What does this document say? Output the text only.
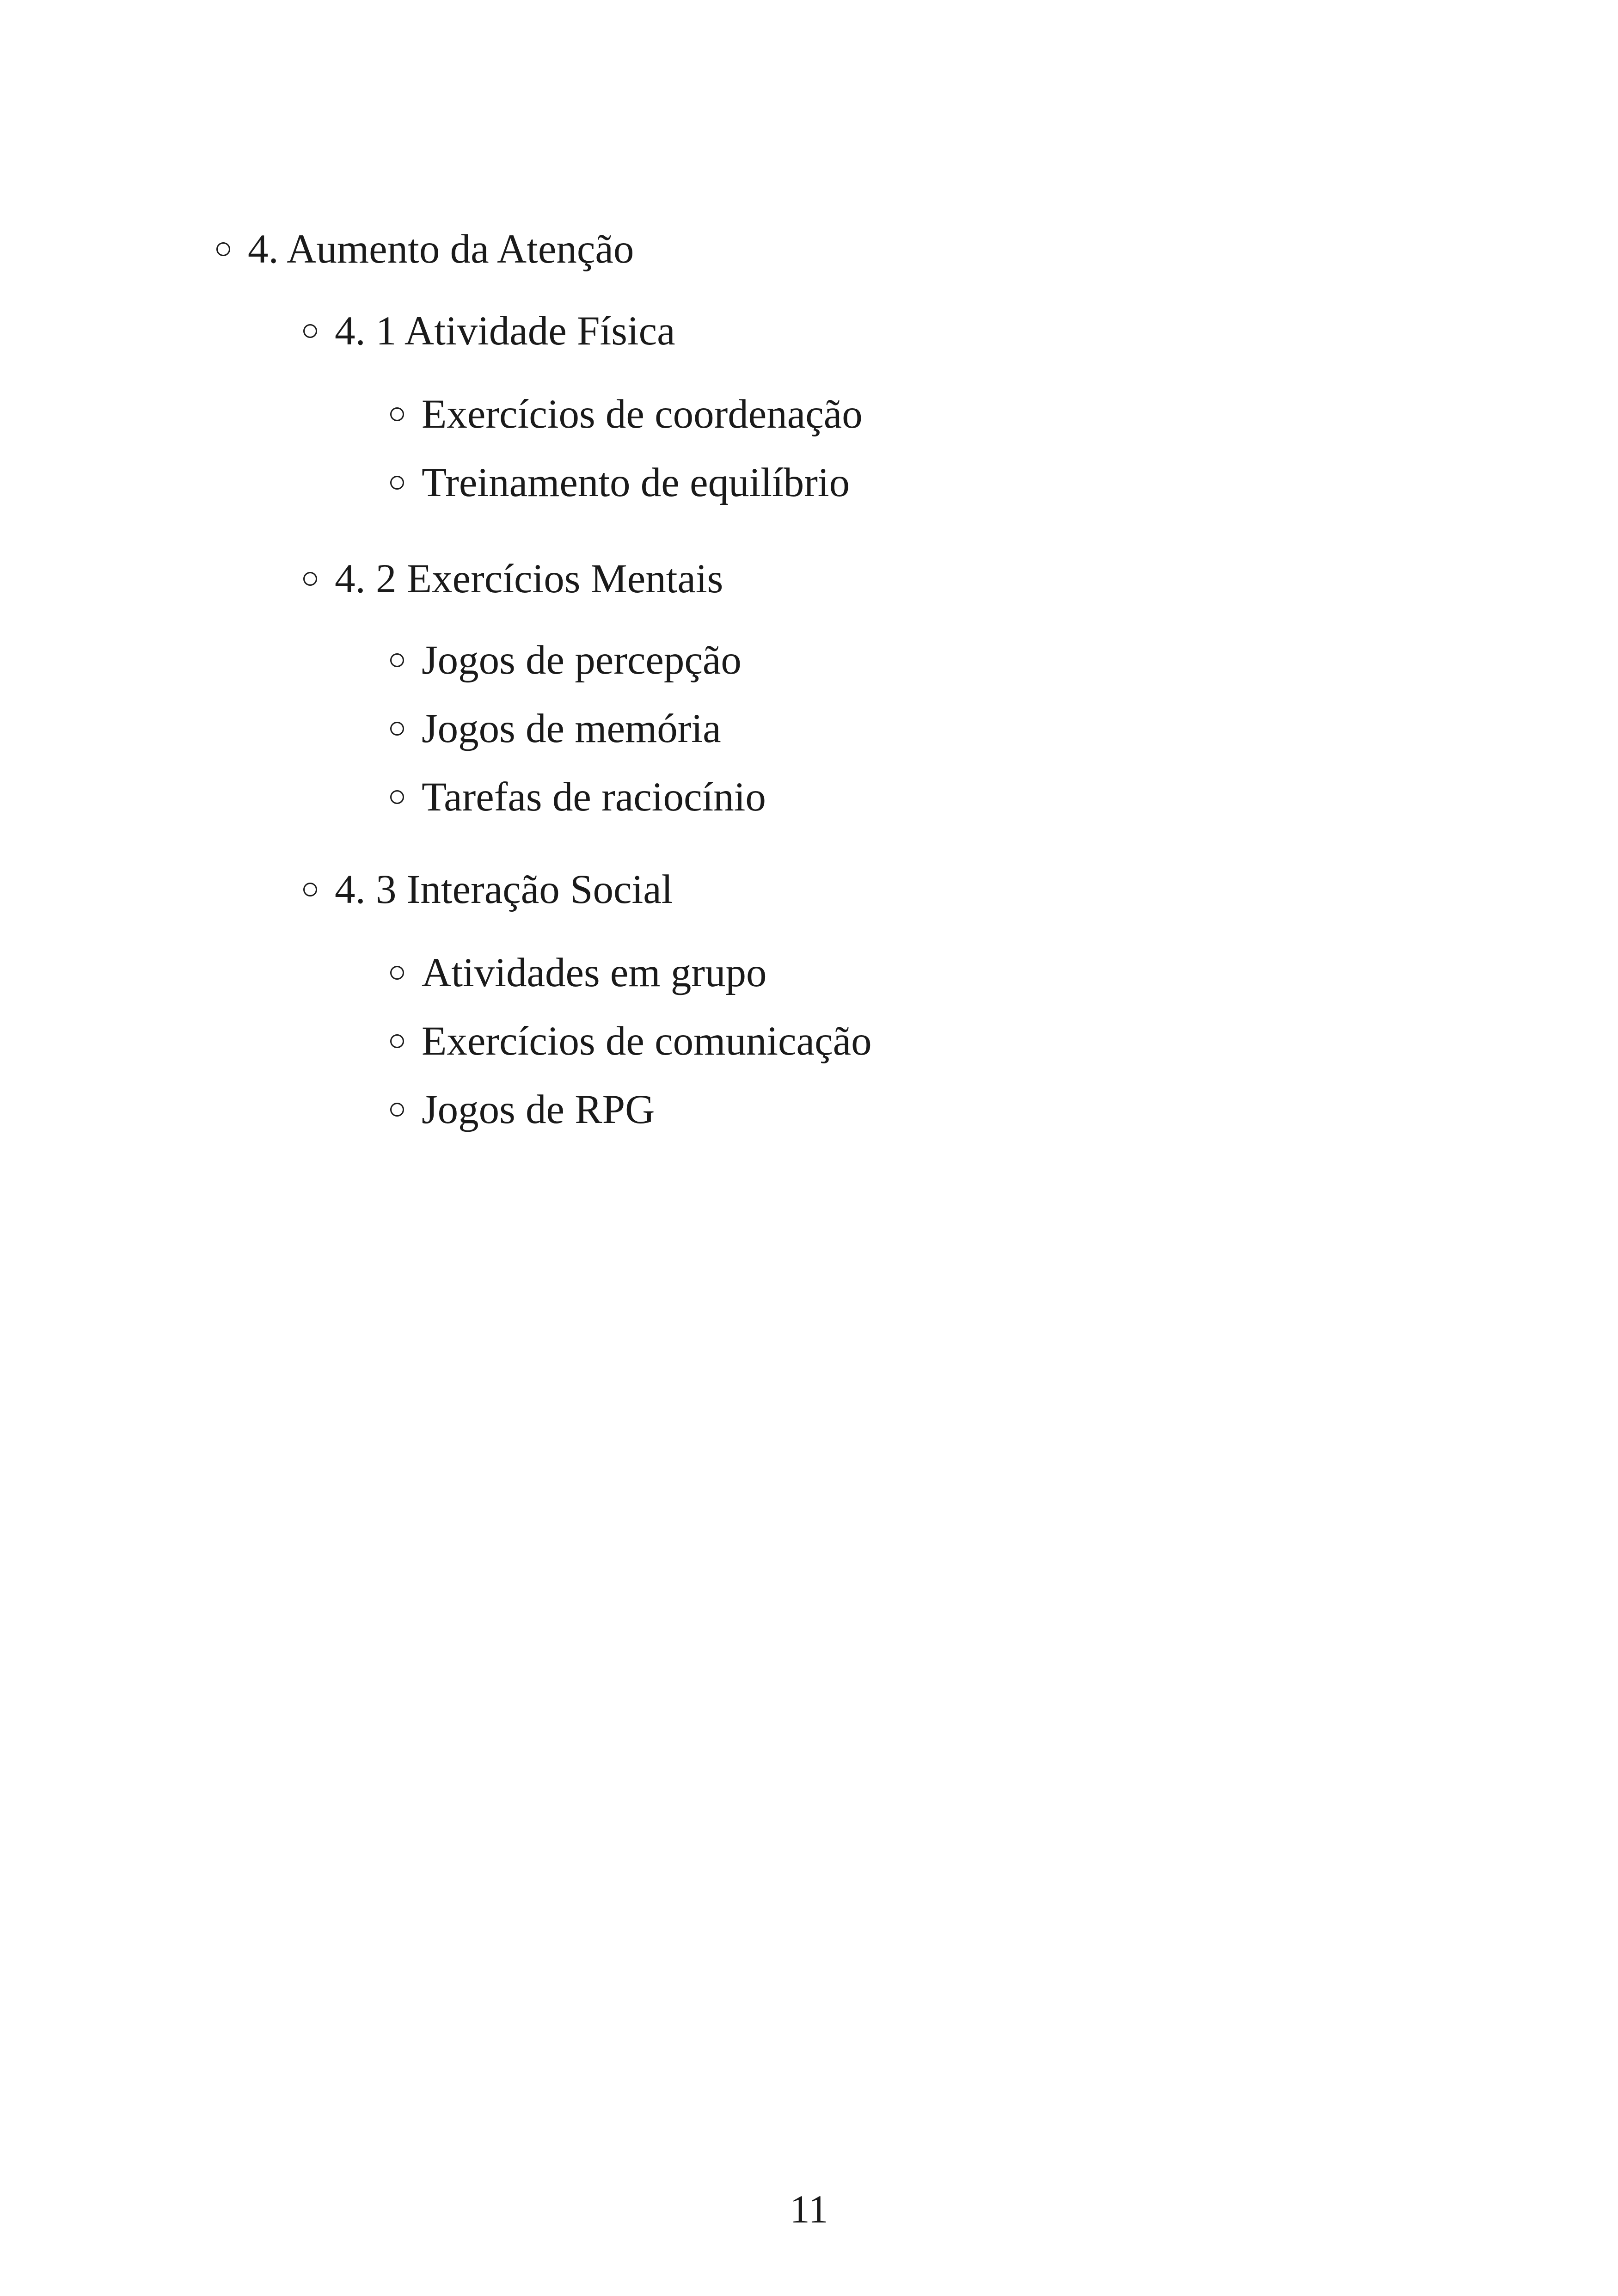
4. Aumento da Atenção
4. 1 Atividade Física
Exercícios de coordenação
Treinamento de equilíbrio
4. 2 Exercícios Mentais
Jogos de percepção
Jogos de memória
Tarefas de raciocínio
4. 3 Interação Social
Atividades em grupo
Exercícios de comunicação
Jogos de RPG
11
